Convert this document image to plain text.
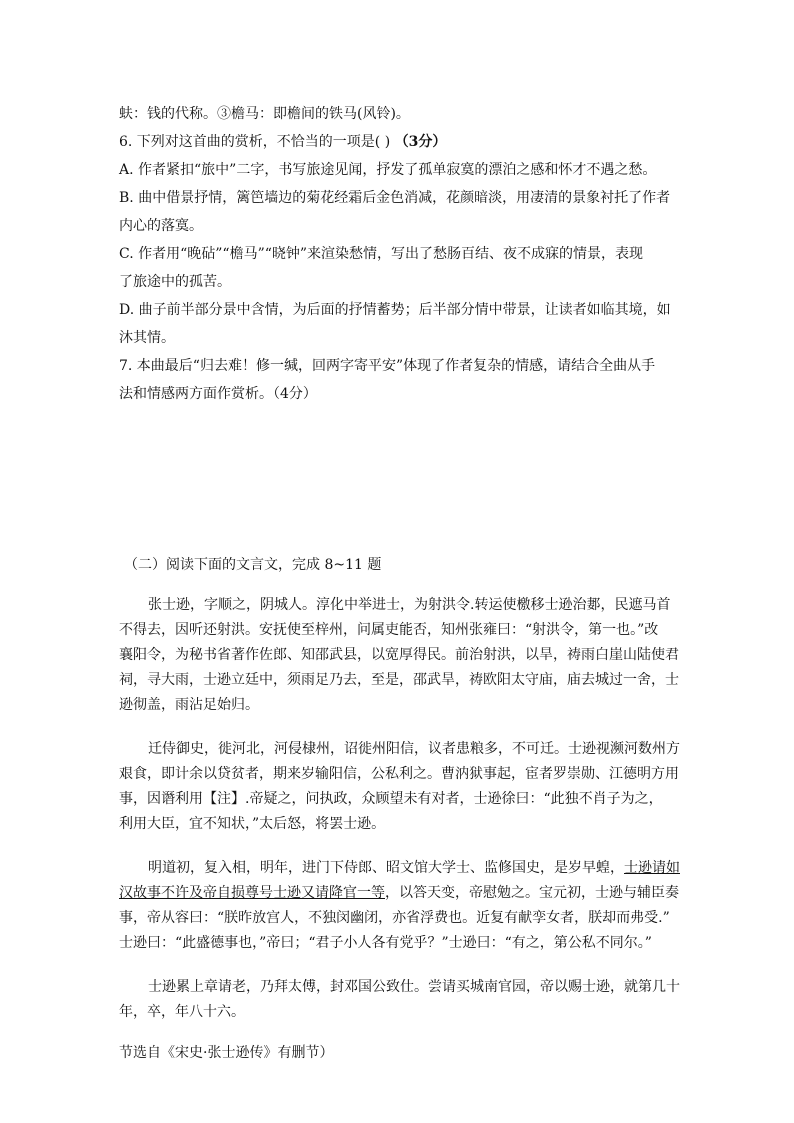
蚨：钱的代称。③檐马：即檐间的铁马(风铃)。
6. 下列对这首曲的赏析，不恰当的一项是( ) （3分）
A. 作者紧扣“旅中”二字，书写旅途见闻，抒发了孤单寂寞的漂泊之感和怀才不遇之愁。
B. 曲中借景抒情，篱笆墙边的菊花经霜后金色消减，花颜暗淡，用凄清的景象衬托了作者
内心的落寞。
C. 作者用“晚砧”“檐马”“晓钟”来渲染愁情，写出了愁肠百结、夜不成寐的情景，表现
了旅途中的孤苦。
D. 曲子前半部分景中含情，为后面的抒情蓄势；后半部分情中带景，让读者如临其境，如
沐其情。
7. 本曲最后“归去难！修一缄，回两字寄平安”体现了作者复杂的情感，请结合全曲从手
法和情感两方面作赏析。（4分）
（二）阅读下面的文言文，完成 8~11 题
张士逊，字顺之，阴城人。淳化中举进士，为射洪令.转运使檄移士逊治郪，民遮马首
不得去，因听还射洪。安抚使至梓州，问属吏能否，知州张雍曰：“射洪令，第一也。”改
襄阳令，为秘书省著作佐郎、知邵武县，以宽厚得民。前治射洪，以旱，祷雨白崖山陆使君
祠，寻大雨，士逊立廷中，须雨足乃去，至是，邵武旱，祷欧阳太守庙，庙去城过一舍，士
逊彻盖，雨沾足始归。
迁侍御史，徙河北，河侵棣州，诏徙州阳信，议者患粮多，不可迁。士逊视濒河数州方
艰食，即计余以贷贫者，期来岁输阳信，公私利之。曹汭狱事起，宦者罗崇勋、江德明方用
事，因谮利用【注】.帝疑之，问执政，众顾望未有对者，士逊徐曰：“此独不肖子为之，
利用大臣，宜不知状，”太后怒，将罢士逊。
明道初，复入相，明年，进门下侍郎、昭文馆大学士、监修国史，是岁早蝗，士逊请如
汉故事不许及帝自损尊号士逊又请降官一等，以答天变，帝慰勉之。宝元初，士逊与辅臣奏
事，帝从容曰：“朕昨放宫人，不独闵幽闭，亦省浮费也。近复有献孪女者，朕却而弗受.”
士逊曰：“此盛德事也，”帝曰；“君子小人各有党乎？”士逊曰：“有之，第公私不同尔。”
士逊累上章请老，乃拜太傅，封邓国公致仕。尝请买城南官园，帝以赐士逊，就第几十
年，卒，年八十六。
节选自《宋史·张士逊传》有删节）
